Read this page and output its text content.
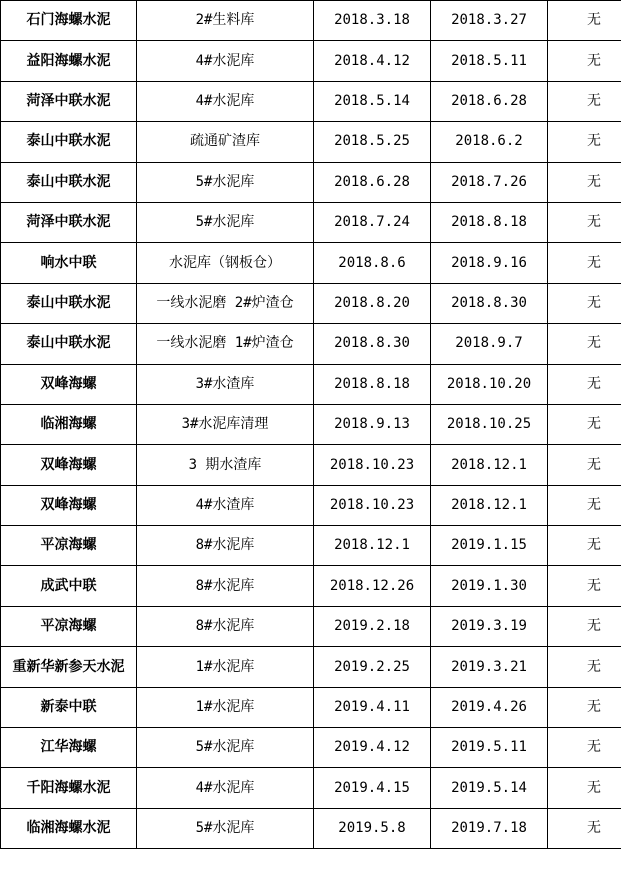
石门海螺水泥	2#生料库	2018.3.18	2018.3.27	无
益阳海螺水泥	4#水泥库	2018.4.12	2018.5.11	无
菏泽中联水泥	4#水泥库	2018.5.14	2018.6.28	无
泰山中联水泥	疏通矿渣库	2018.5.25	2018.6.2	无
泰山中联水泥	5#水泥库	2018.6.28	2018.7.26	无
菏泽中联水泥	5#水泥库	2018.7.24	2018.8.18	无
响水中联	水泥库（钢板仓）	2018.8.6	2018.9.16	无
泰山中联水泥	一线水泥磨 2#炉渣仓	2018.8.20	2018.8.30	无
泰山中联水泥	一线水泥磨 1#炉渣仓	2018.8.30	2018.9.7	无
双峰海螺	3#水渣库	2018.8.18	2018.10.20	无
临湘海螺	3#水泥库清理	2018.9.13	2018.10.25	无
双峰海螺	3 期水渣库	2018.10.23	2018.12.1	无
双峰海螺	4#水渣库	2018.10.23	2018.12.1	无
平凉海螺	8#水泥库	2018.12.1	2019.1.15	无
成武中联	8#水泥库	2018.12.26	2019.1.30	无
平凉海螺	8#水泥库	2019.2.18	2019.3.19	无
重新华新参天水泥	1#水泥库	2019.2.25	2019.3.21	无
新泰中联	1#水泥库	2019.4.11	2019.4.26	无
江华海螺	5#水泥库	2019.4.12	2019.5.11	无
千阳海螺水泥	4#水泥库	2019.4.15	2019.5.14	无
临湘海螺水泥	5#水泥库	2019.5.8	2019.7.18	无
